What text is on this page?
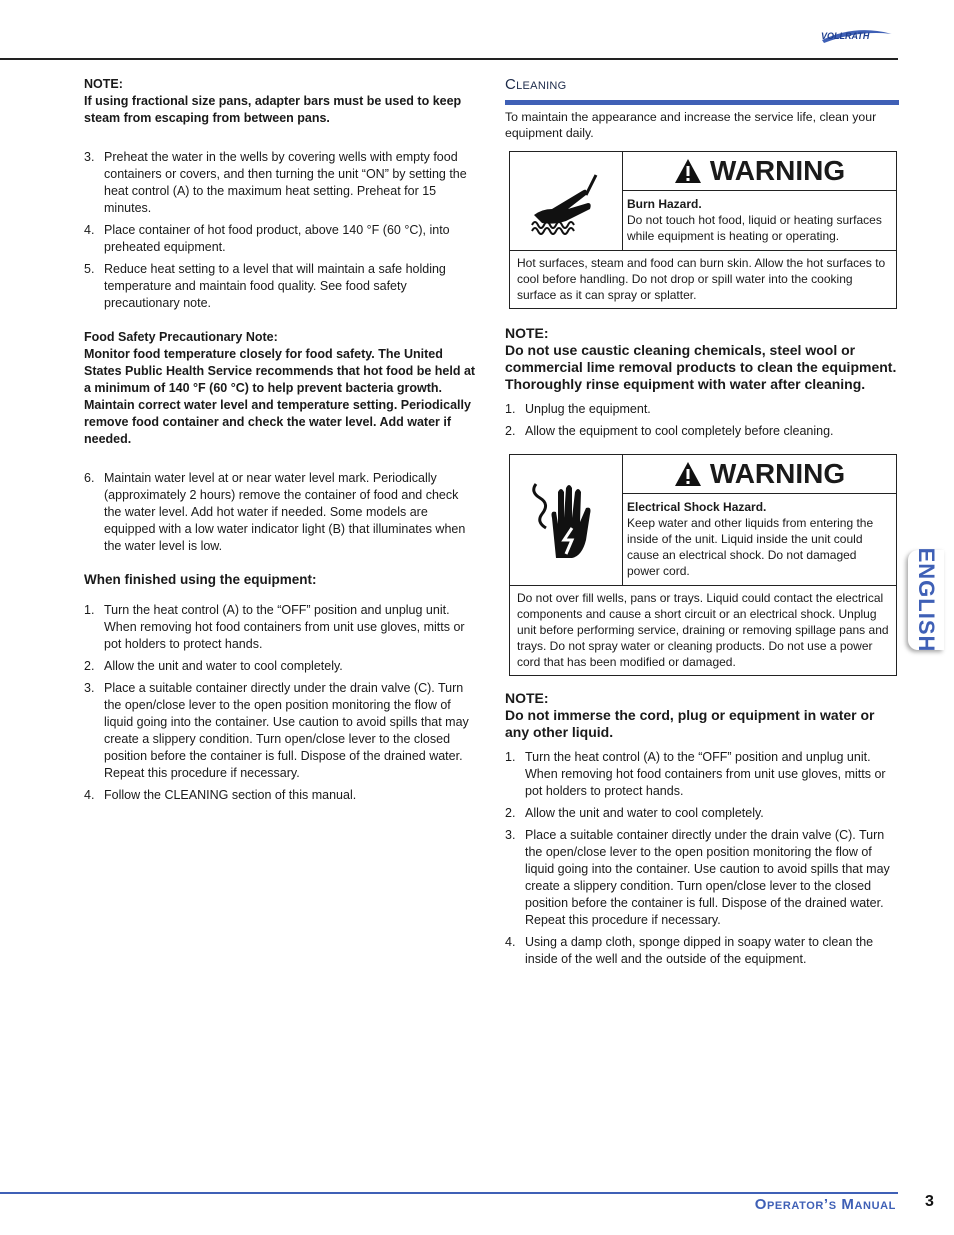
VOLLRATH

NOTE:

If using fractional size pans, adapter bars must be used to keep steam from escaping from between pans.

3. Preheat the water in the wells by covering wells with empty food containers or covers, and then turning the unit “ON” by setting the heat control (A) to the maximum heat setting. Preheat for 15 minutes.
4. Place container of hot food product, above 140 °F (60 °C), into preheated equipment.
5. Reduce heat setting to a level that will maintain a safe holding temperature and maintain food quality. See food safety precautionary note.

Food Safety Precautionary Note:

Monitor food temperature closely for food safety. The United States Public Health Service recommends that hot food be held at a minimum of 140 °F (60 °C) to help prevent bacteria growth. Maintain correct water level and temperature setting. Periodically remove food container and check the water level. Add water if needed.

6. Maintain water level at or near water level mark. Periodically (approximately 2 hours) remove the container of food and check the water level. Add hot water if needed. Some models are equipped with a low water indicator light (B) that illuminates when the water level is low.

When finished using the equipment:

1. Turn the heat control (A) to the “OFF” position and unplug unit. When removing hot food containers from unit use gloves, mitts or pot holders to protect hands.
2. Allow the unit and water to cool completely.
3. Place a suitable container directly under the drain valve (C). Turn the open/close lever to the open position monitoring the flow of liquid going into the container. Use caution to avoid spills that may create a slippery condition. Turn open/close lever to the closed position before the container is full. Dispose of the drained water. Repeat this procedure if necessary.
4. Follow the CLEANING section of this manual.
Cleaning

To maintain the appearance and increase the service life, clean your equipment daily.

WARNING

Burn Hazard.

Do not touch hot food, liquid or heating surfaces while equipment is heating or operating.

Hot surfaces, steam and food can burn skin. Allow the hot surfaces to cool before handling. Do not drop or spill water into the cooking surface as it can spray or splatter.

NOTE:

Do not use caustic cleaning chemicals, steel wool or commercial lime removal products to clean the equipment. Thoroughly rinse equipment with water after cleaning.

1. Unplug the equipment.
2. Allow the equipment to cool completely before cleaning.
WARNING

Electrical Shock Hazard.

Keep water and other liquids from entering the inside of the unit. Liquid inside the unit could cause an electrical shock. Do not damaged power cord.

Do not over fill wells, pans or trays. Liquid could contact the electrical components and cause a short circuit or an electrical shock. Unplug unit before performing service, draining or removing spillage pans and trays. Do not spray water or cleaning products. Do not use a power cord that has been modified or damaged.

NOTE:

Do not immerse the cord, plug or equipment in water or any other liquid.

1. Turn the heat control (A) to the “OFF” position and unplug unit. When removing hot food containers from unit use gloves, mitts or pot holders to protect hands.
2. Allow the unit and water to cool completely.
3. Place a suitable container directly under the drain valve (C). Turn the open/close lever to the open position monitoring the flow of liquid going into the container. Use caution to avoid spills that may create a slippery condition. Turn open/close lever to the closed position before the container is full. Dispose of the drained water. Repeat this procedure if necessary.
4. Using a damp cloth, sponge dipped in soapy water to clean the inside of the well and the outside of the equipment.
ENGLISH
Operator’s Manual 3
